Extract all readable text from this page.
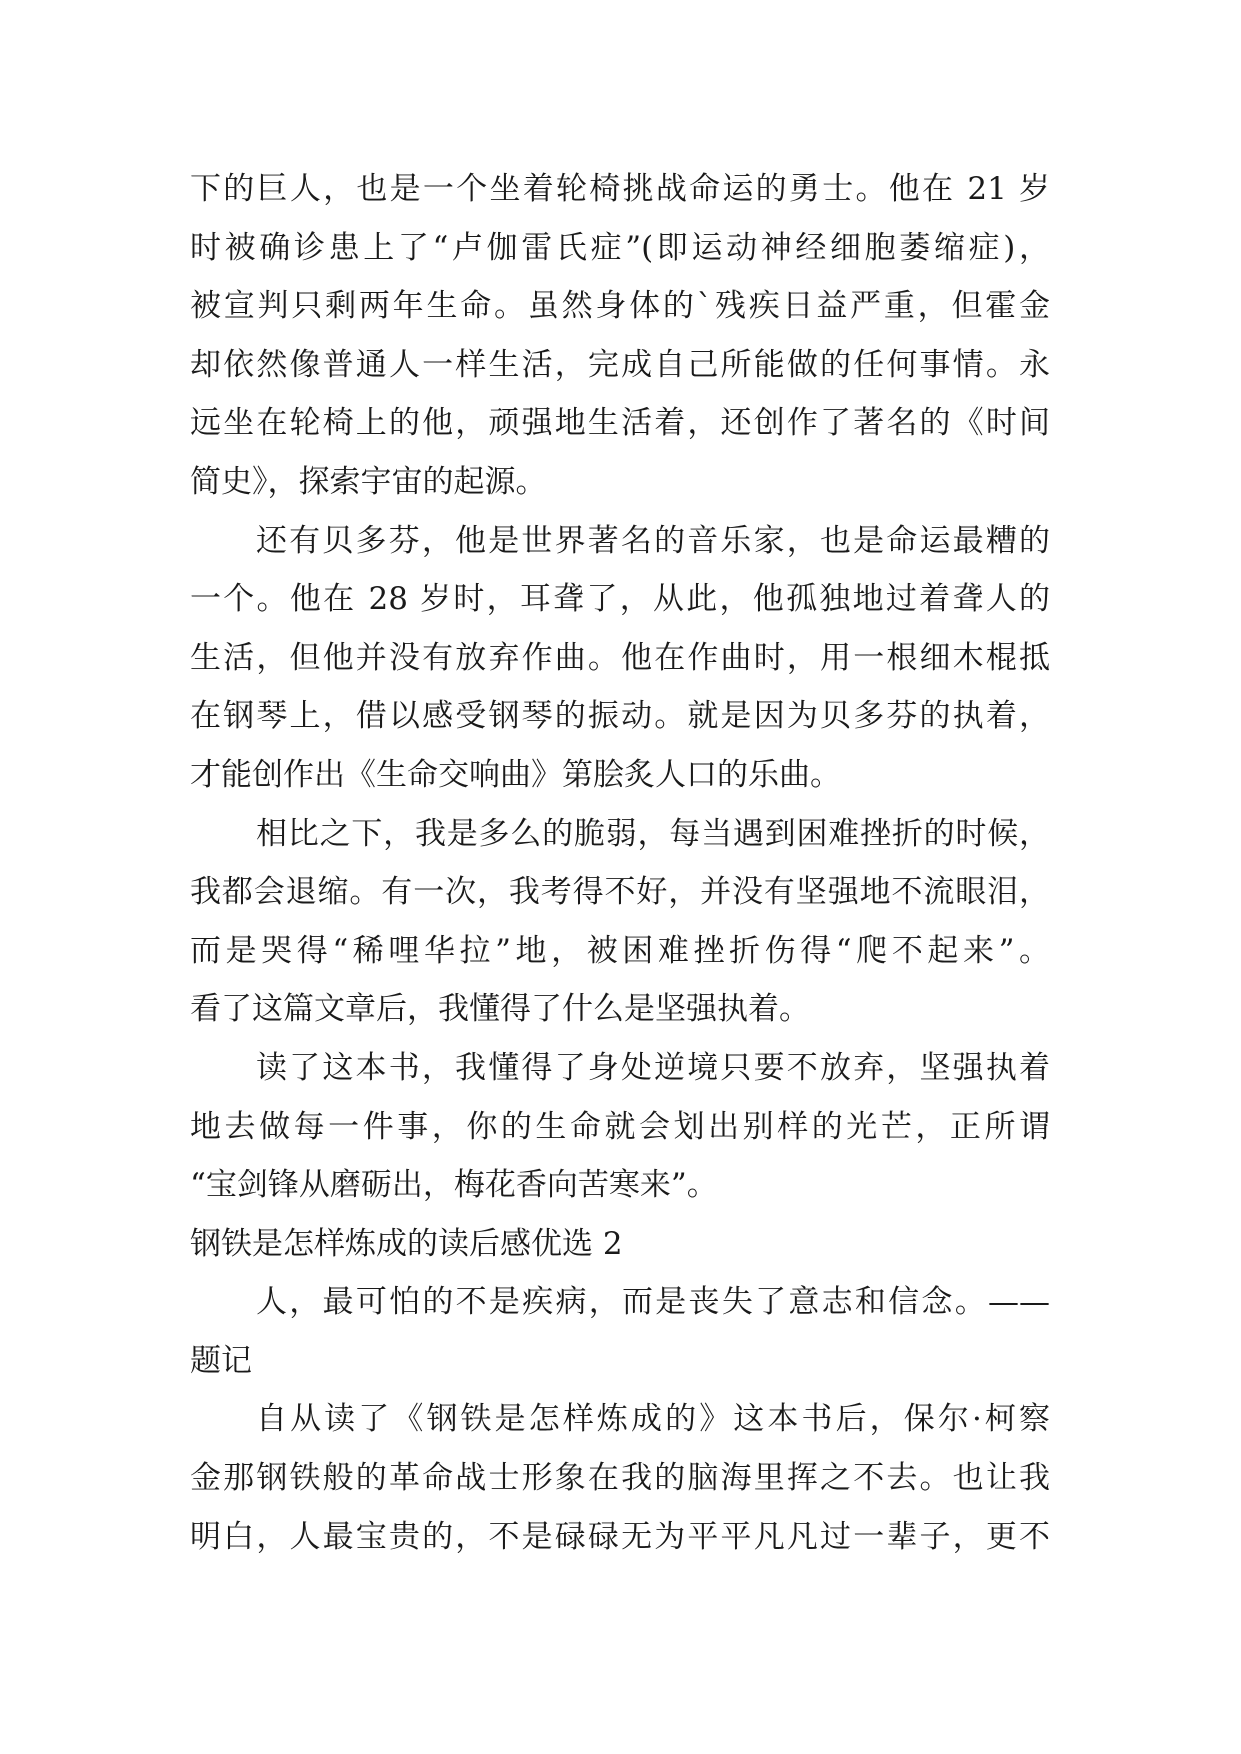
下的巨人，也是一个坐着轮椅挑战命运的勇士。他在 21 岁
时被确诊患上了“卢伽雷氏症”(即运动神经细胞萎缩症)，
被宣判只剩两年生命。虽然身体的`残疾日益严重，但霍金
却依然像普通人一样生活，完成自己所能做的任何事情。永
远坐在轮椅上的他，顽强地生活着，还创作了著名的《时间
简史》，探索宇宙的起源。
还有贝多芬，他是世界著名的音乐家，也是命运最糟的
一个。他在 28 岁时，耳聋了，从此，他孤独地过着聋人的
生活，但他并没有放弃作曲。他在作曲时，用一根细木棍抵
在钢琴上，借以感受钢琴的振动。就是因为贝多芬的执着，
才能创作出《生命交响曲》第脍炙人口的乐曲。
相比之下，我是多么的脆弱，每当遇到困难挫折的时候，
我都会退缩。有一次，我考得不好，并没有坚强地不流眼泪，
而是哭得“稀哩华拉”地，被困难挫折伤得“爬不起来”。
看了这篇文章后，我懂得了什么是坚强执着。
读了这本书，我懂得了身处逆境只要不放弃，坚强执着
地去做每一件事，你的生命就会划出别样的光芒，正所谓
“宝剑锋从磨砺出，梅花香向苦寒来”。
钢铁是怎样炼成的读后感优选 2
人，最可怕的不是疾病，而是丧失了意志和信念。——
题记
自从读了《钢铁是怎样炼成的》这本书后，保尔·柯察
金那钢铁般的革命战士形象在我的脑海里挥之不去。也让我
明白，人最宝贵的，不是碌碌无为平平凡凡过一辈子，更不
